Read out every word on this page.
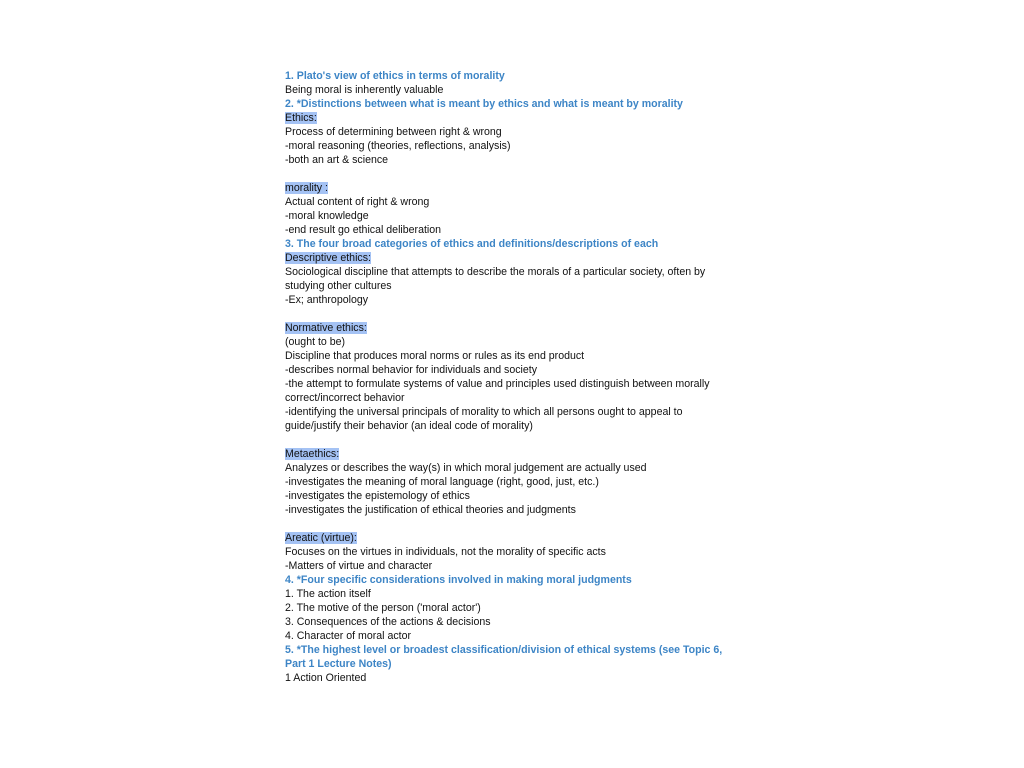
1. Plato's view of ethics in terms of morality
Being moral is inherently valuable
2. *Distinctions between what is meant by ethics and what is meant by morality
Ethics:
Process of determining between right & wrong
-moral reasoning (theories, reflections, analysis)
-both an art & science
morality :
Actual content of right & wrong
-moral knowledge
-end result go ethical deliberation
3. The four broad categories of ethics and definitions/descriptions of each
Descriptive ethics:
Sociological discipline that attempts to describe the morals of a particular society, often by studying other cultures
-Ex; anthropology
Normative ethics:
(ought to be)
Discipline that produces moral norms or rules as its end product
-describes normal behavior for individuals and society
-the attempt to formulate systems of value and principles used distinguish between morally correct/incorrect behavior
-identifying the universal principals of morality to which all persons ought to appeal to guide/justify their behavior (an ideal code of morality)
Metaethics:
Analyzes or describes the way(s) in which moral judgement are actually used
-investigates the meaning of moral language (right, good, just, etc.)
-investigates the epistemology of ethics
-investigates the justification of ethical theories and judgments
Areatic (virtue):
Focuses on the virtues in individuals, not the morality of specific acts
-Matters of virtue and character
4. *Four specific considerations involved in making moral judgments
1. The action itself
2. The motive of the person ('moral actor')
3. Consequences of the actions & decisions
4. Character of moral actor
5. *The highest level or broadest classification/division of ethical systems (see Topic 6, Part 1 Lecture Notes)
1 Action Oriented
